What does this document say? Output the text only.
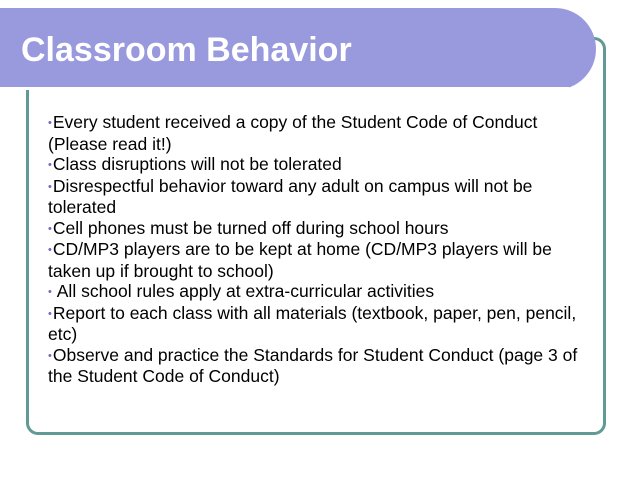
Classroom Behavior
•Every student received a copy of the Student Code of Conduct (Please read it!)
•Class disruptions will not be tolerated
•Disrespectful behavior toward any adult on campus will not be tolerated
•Cell phones must be turned off during school hours
•CD/MP3 players are to be kept at home (CD/MP3 players will be taken up if brought to school)
• All school rules apply at extra-curricular activities
•Report to each class with all materials (textbook, paper, pen, pencil, etc)
•Observe and practice the Standards for Student Conduct (page 3 of the Student Code of Conduct)
